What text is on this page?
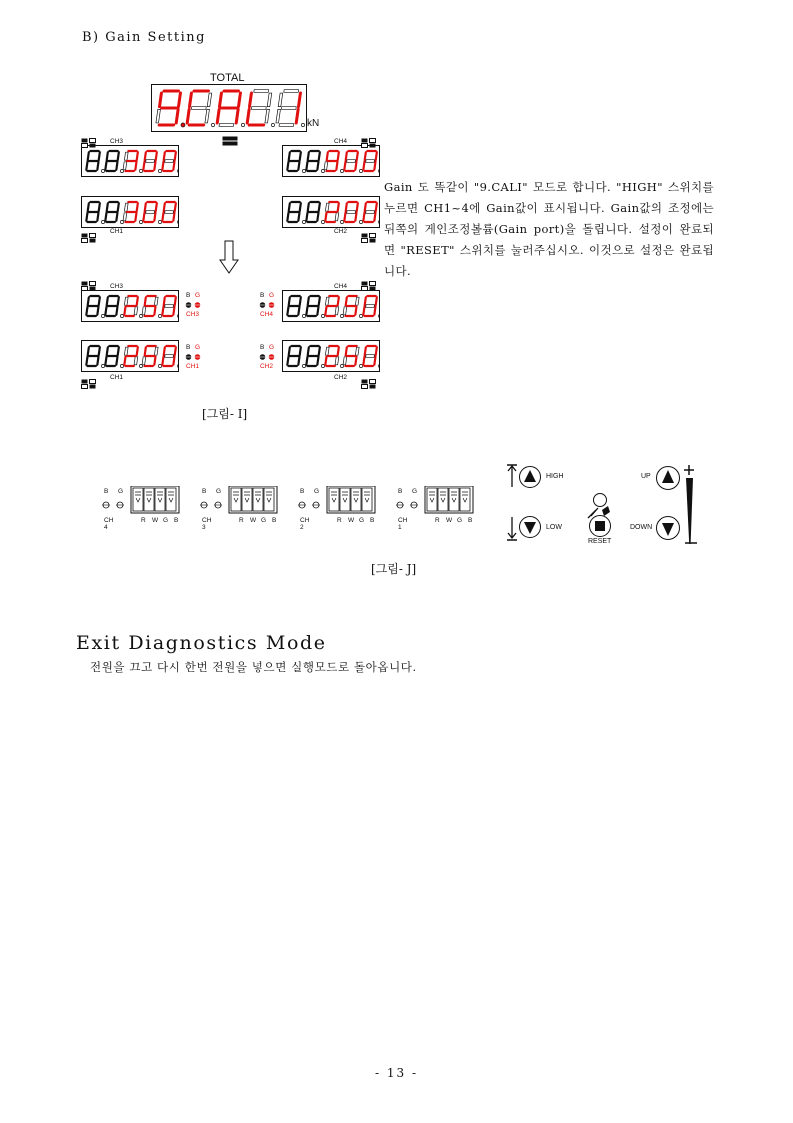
B) Gain Setting
TOTAL
kN
CH3	CH4
CH1	CH2
CH3	CH4
CH1	CH2
[그림- I]
B G
CH3
B G
CH4
B G
CH1
B G
CH2
Gain 도 똑같이 "9.CALI" 모드로 합니다. "HIGH" 스위치를 누르면 CH1~4에 Gain값이 표시됩니다. Gain값의 조정에는 뒤쪽의 게인조정볼륨(Gain port)을 돌립니다. 설정이 완료되면 "RESET" 스위치를 눌러주십시오. 이것으로 설정은 완료됩니다.
B G
CH 4
R W G B
B G
CH 3
R W G B
B G
CH 2
R W G B
B G
CH 1
R W G B
HIGH
LOW
RESET
UP
DOWN
[그림- J]
Exit Diagnostics Mode
전원을 끄고 다시 한번 전원을 넣으면 실행모드로 돌아옵니다.
- 13 -
